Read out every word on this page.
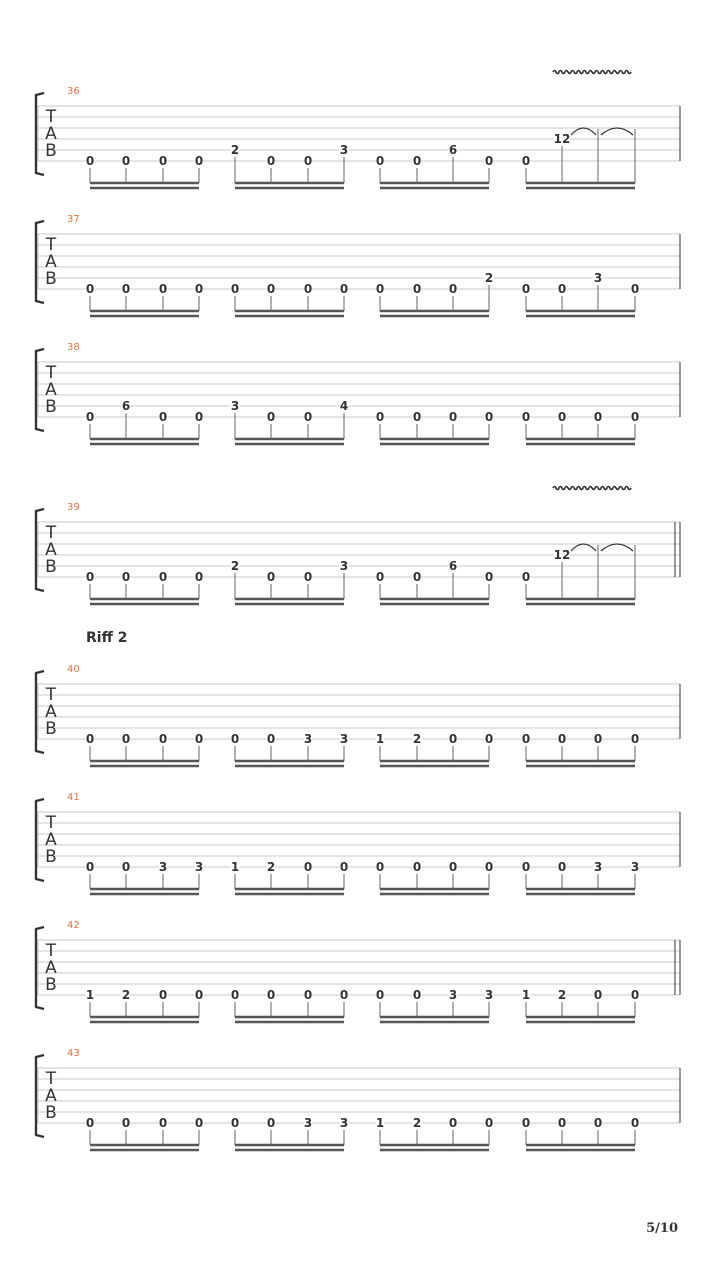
36
T
A
B 0 0 0 0
2
0 0
3
0 0
6
0 0
12
37
T
A
B 0 0 0 0 0 0 0 0 0 0 0
2
0 0
3
0
38
T
A
B 0
6
0 0
3
0 0
4
0 0 0 0 0 0 0 0
39
T
A
B 0 0 0 0
2
0 0
3
0 0
6
0 0
12
40
T
A
B 0 0 0 0 0 0 3 3 1 2 0 0 0 0 0 0
41
T
A
B 0 0 3 3 1 2 0 0 0 0 0 0 0 0 3 3
42
T
A
B 1 2 0 0 0 0 0 0 0 0 3 3 1 2 0 0
43
T
A
B 0 0 0 0 0 0 3 3 1 2 0 0 0 0 0 0
Riff 2
5/10
